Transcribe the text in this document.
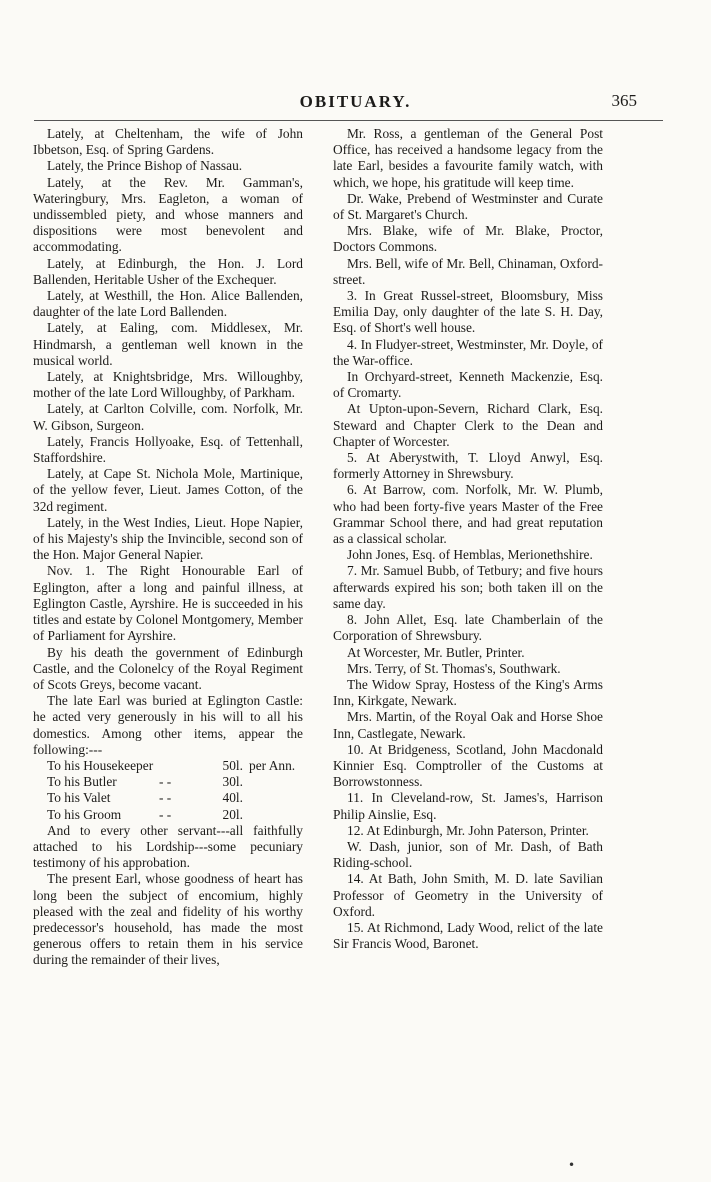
OBITUARY.	365

Lately, at Cheltenham, the wife of John Ibbetson, Esq. of Spring Gardens.

Lately, the Prince Bishop of Nassau.

Lately, at the Rev. Mr. Gamman's, Wateringbury, Mrs. Eagleton, a woman of undissembled piety, and whose manners and dispositions were most benevolent and accommodating.

Lately, at Edinburgh, the Hon. J. Lord Ballenden, Heritable Usher of the Exchequer.

Lately, at Westhill, the Hon. Alice Ballenden, daughter of the late Lord Ballenden.

Lately, at Ealing, com. Middlesex, Mr. Hindmarsh, a gentleman well known in the musical world.

Lately, at Knightsbridge, Mrs. Willoughby, mother of the late Lord Willoughby, of Parkham.

Lately, at Carlton Colville, com. Norfolk, Mr. W. Gibson, Surgeon.

Lately, Francis Hollyoake, Esq. of Tettenhall, Staffordshire.

Lately, at Cape St. Nichola Mole, Martinique, of the yellow fever, Lieut. James Cotton, of the 32d regiment.

Lately, in the West Indies, Lieut. Hope Napier, of his Majesty's ship the Invincible, second son of the Hon. Major General Napier.

Nov. 1. The Right Honourable Earl of Eglington, after a long and painful illness, at Eglington Castle, Ayrshire. He is succeeded in his titles and estate by Colonel Montgomery, Member of Parliament for Ayrshire.

By his death the government of Edinburgh Castle, and the Colonelcy of the Royal Regiment of Scots Greys, become vacant.

The late Earl was buried at Eglington Castle: he acted very generously in his will to all his domestics. Among other items, appear the following:---

To his Housekeeper	50l. per Ann.
To his Butler	- -	30l.
To his Valet	- -	40l.
To his Groom	- -	20l.

And to every other servant---all faithfully attached to his Lordship---some pecuniary testimony of his approbation.

The present Earl, whose goodness of heart has long been the subject of encomium, highly pleased with the zeal and fidelity of his worthy predecessor's household, has made the most generous offers to retain them in his service during the remainder of their lives,

Mr. Ross, a gentleman of the General Post Office, has received a handsome legacy from the late Earl, besides a favourite family watch, with which, we hope, his gratitude will keep time.

Dr. Wake, Prebend of Westminster and Curate of St. Margaret's Church.

Mrs. Blake, wife of Mr. Blake, Proctor, Doctors Commons.

Mrs. Bell, wife of Mr. Bell, Chinaman, Oxford-street.

3. In Great Russel-street, Bloomsbury, Miss Emilia Day, only daughter of the late S. H. Day, Esq. of Short's well house.

4. In Fludyer-street, Westminster, Mr. Doyle, of the War-office.

In Orchyard-street, Kenneth Mackenzie, Esq. of Cromarty.

At Upton-upon-Severn, Richard Clark, Esq. Steward and Chapter Clerk to the Dean and Chapter of Worcester.

5. At Aberystwith, T. Lloyd Anwyl, Esq. formerly Attorney in Shrewsbury.

6. At Barrow, com. Norfolk, Mr. W. Plumb, who had been forty-five years Master of the Free Grammar School there, and had great reputation as a classical scholar.

John Jones, Esq. of Hemblas, Merionethshire.

7. Mr. Samuel Bubb, of Tetbury; and five hours afterwards expired his son; both taken ill on the same day.

8. John Allet, Esq. late Chamberlain of the Corporation of Shrewsbury.

At Worcester, Mr. Butler, Printer.

Mrs. Terry, of St. Thomas's, Southwark.

The Widow Spray, Hostess of the King's Arms Inn, Kirkgate, Newark.

Mrs. Martin, of the Royal Oak and Horse Shoe Inn, Castlegate, Newark.

10. At Bridgeness, Scotland, John Macdonald Kinnier Esq. Comptroller of the Customs at Borrowstonness.

11. In Cleveland-row, St. James's, Harrison Philip Ainslie, Esq.

12. At Edinburgh, Mr. John Paterson, Printer.

W. Dash, junior, son of Mr. Dash, of Bath Riding-school.

14. At Bath, John Smith, M. D. late Savilian Professor of Geometry in the University of Oxford.

15. At Richmond, Lady Wood, relict of the late Sir Francis Wood, Baronet.

•
